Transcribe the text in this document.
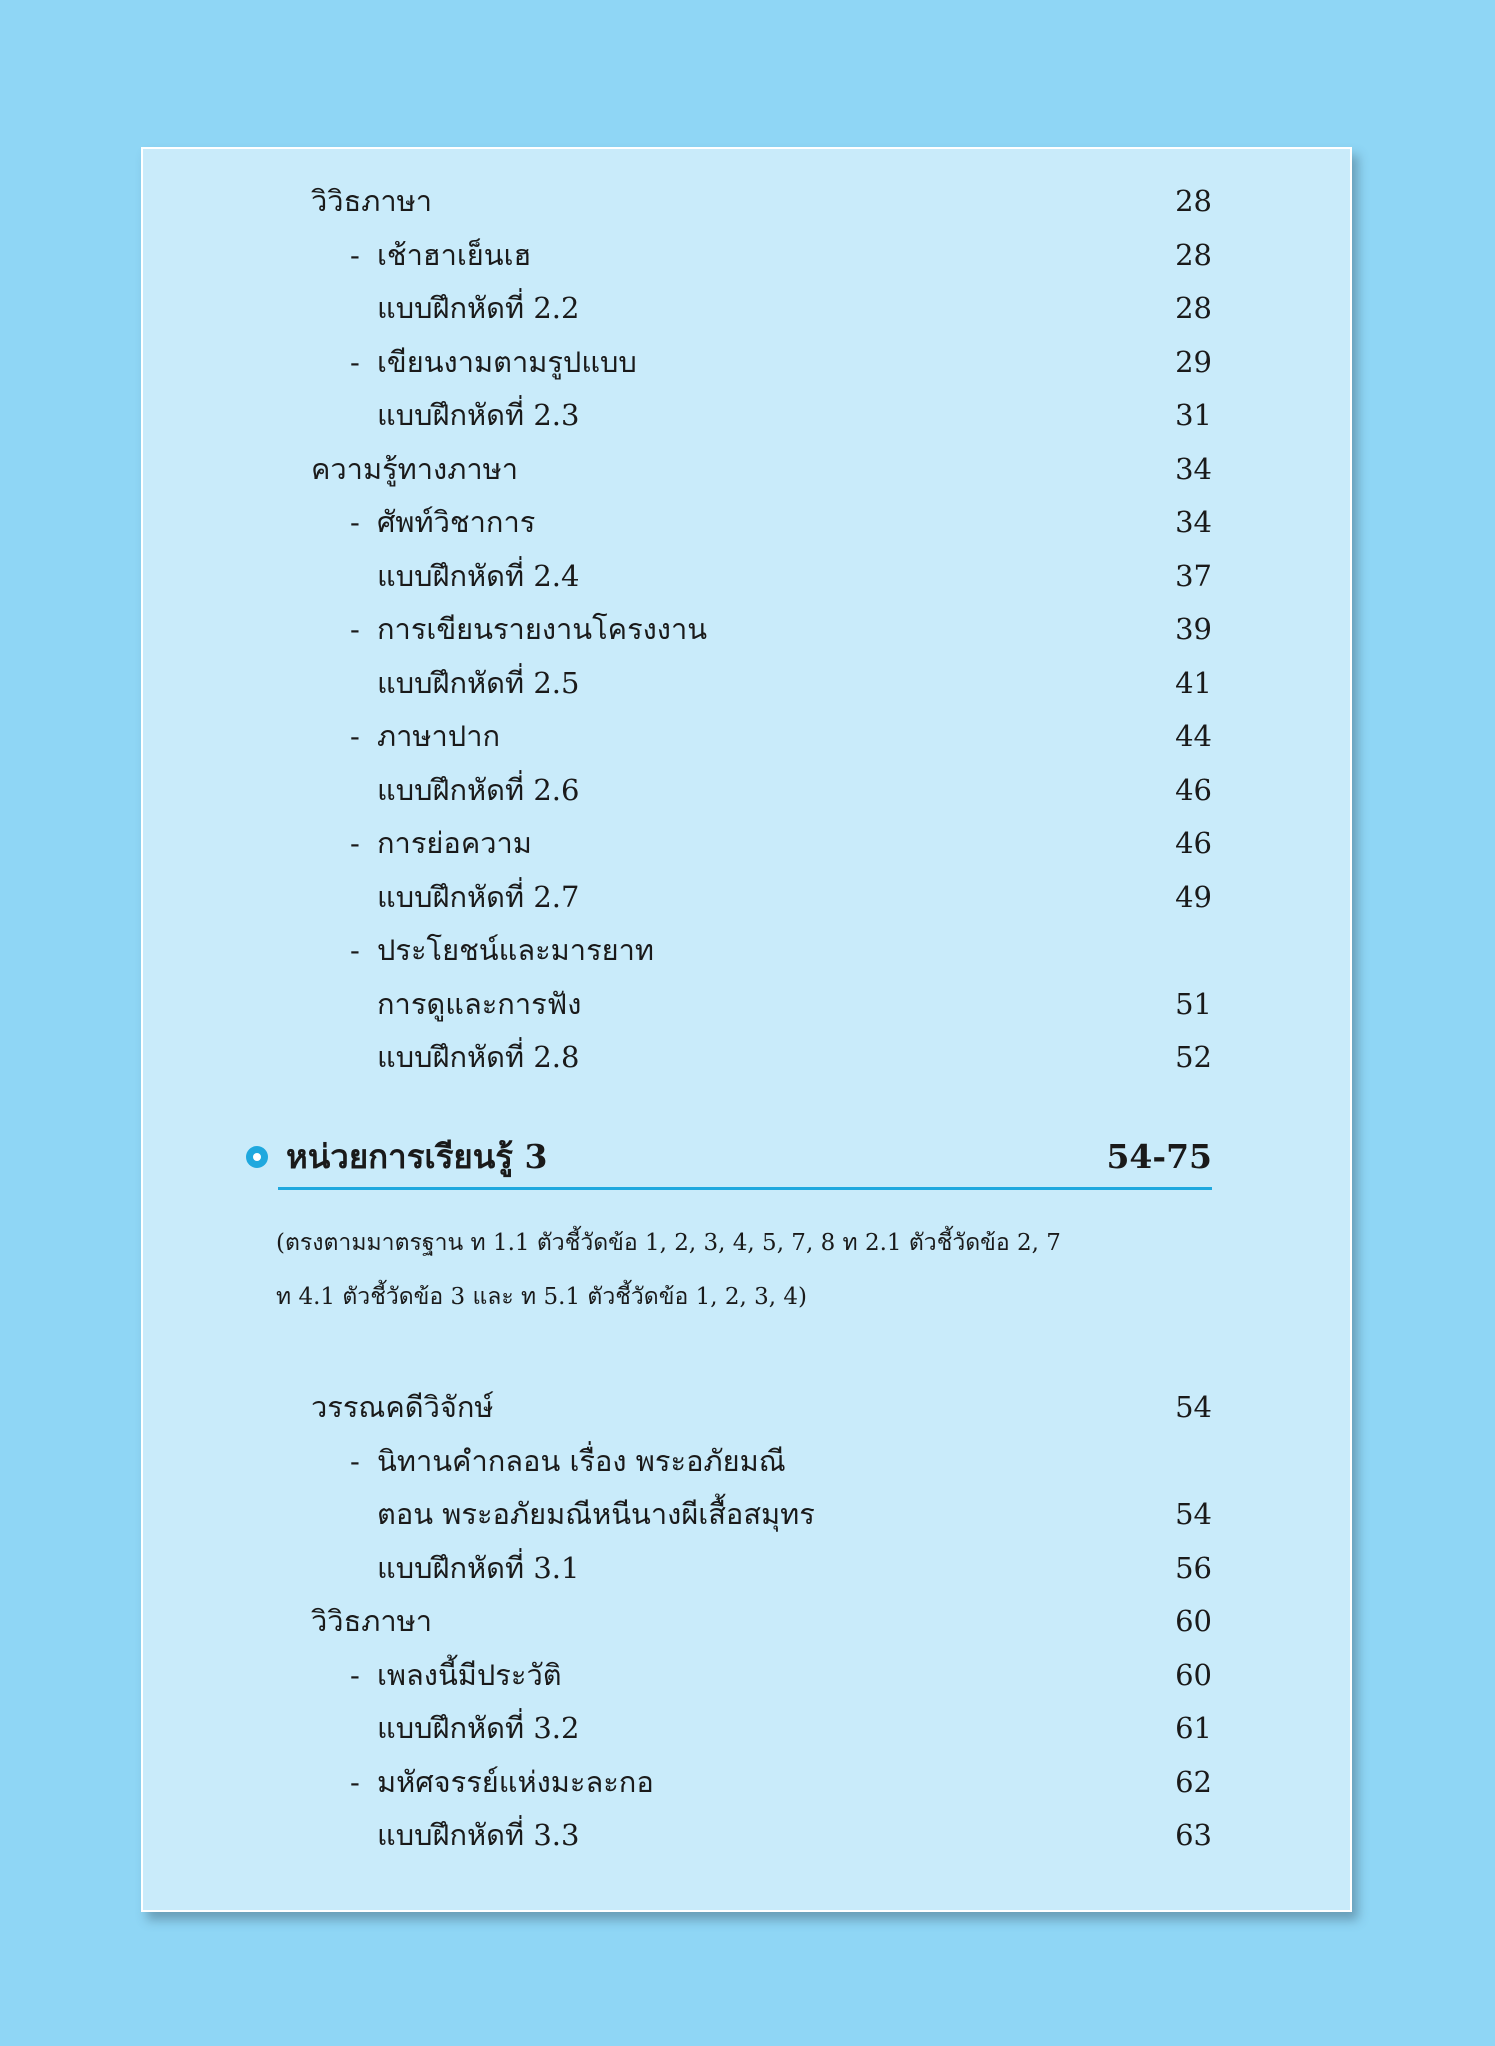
วิวิธภาษา	28
- เช้าฮาเย็นเฮ	28
แบบฝึกหัดที่ 2.2	28
- เขียนงามตามรูปแบบ	29
แบบฝึกหัดที่ 2.3	31
ความรู้ทางภาษา	34
- ศัพท์วิชาการ	34
แบบฝึกหัดที่ 2.4	37
- การเขียนรายงานโครงงาน	39
แบบฝึกหัดที่ 2.5	41
- ภาษาปาก	44
แบบฝึกหัดที่ 2.6	46
- การย่อความ	46
แบบฝึกหัดที่ 2.7	49
- ประโยชน์และมารยาท
การดูและการฟัง	51
แบบฝึกหัดที่ 2.8	52
หน่วยการเรียนรู้ 3	54-75
(ตรงตามมาตรฐาน ท 1.1 ตัวชี้วัดข้อ 1, 2, 3, 4, 5, 7, 8 ท 2.1 ตัวชี้วัดข้อ 2, 7
ท 4.1 ตัวชี้วัดข้อ 3 และ ท 5.1 ตัวชี้วัดข้อ 1, 2, 3, 4)
วรรณคดีวิจักษ์	54
- นิทานคำกลอน เรื่อง พระอภัยมณี
ตอน พระอภัยมณีหนีนางผีเสื้อสมุทร	54
แบบฝึกหัดที่ 3.1	56
วิวิธภาษา	60
- เพลงนี้มีประวัติ	60
แบบฝึกหัดที่ 3.2	61
- มหัศจรรย์แห่งมะละกอ	62
แบบฝึกหัดที่ 3.3	63
